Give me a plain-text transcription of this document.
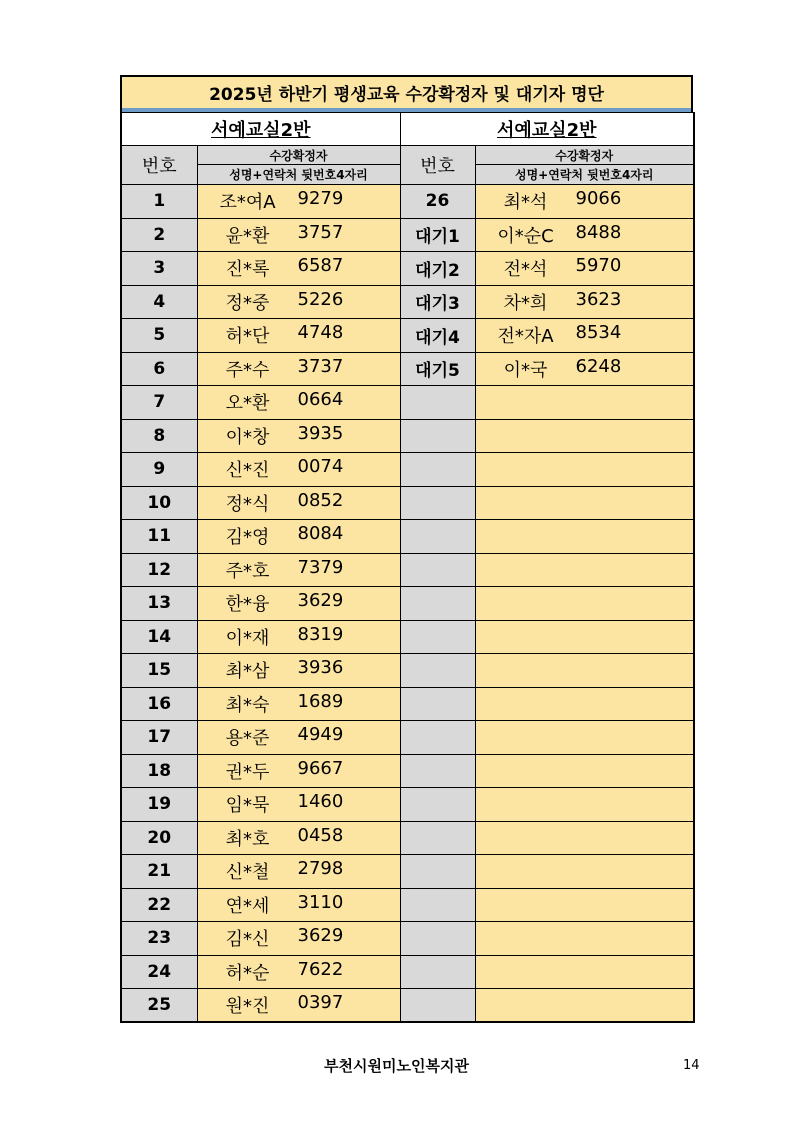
2025년 하반기 평생교육 수강확정자 및 대기자 명단
서예교실2반		서예교실2반	
번호	수강확정자	번호	수강확정자
	성명+연락처 뒷번호4자리		성명+연락처 뒷번호4자리
1	조*여A 9279	26	최*석 9066

2	윤*환 3757	대기1	이*순C 8488

3	진*록 6587	대기2	전*석 5970

4	정*중 5226	대기3	차*희 3623

5	허*단 4748	대기4	전*자A 8534

6	주*수 3737	대기5	이*국 6248

7	오*환 0664		

8	이*창 3935		

9	신*진 0074		

10	정*식 0852		

11	김*영 8084		

12	주*호 7379		

13	한*융 3629		

14	이*재 8319		

15	최*삼 3936		

16	최*숙 1689		

17	용*준 4949		

18	권*두 9667		

19	임*묵 1460		

20	최*호 0458		

21	신*철 2798		

22	연*세 3110		

23	김*신 3629		

24	허*순 7622		

25	원*진 0397		

부천시원미노인복지관	14
